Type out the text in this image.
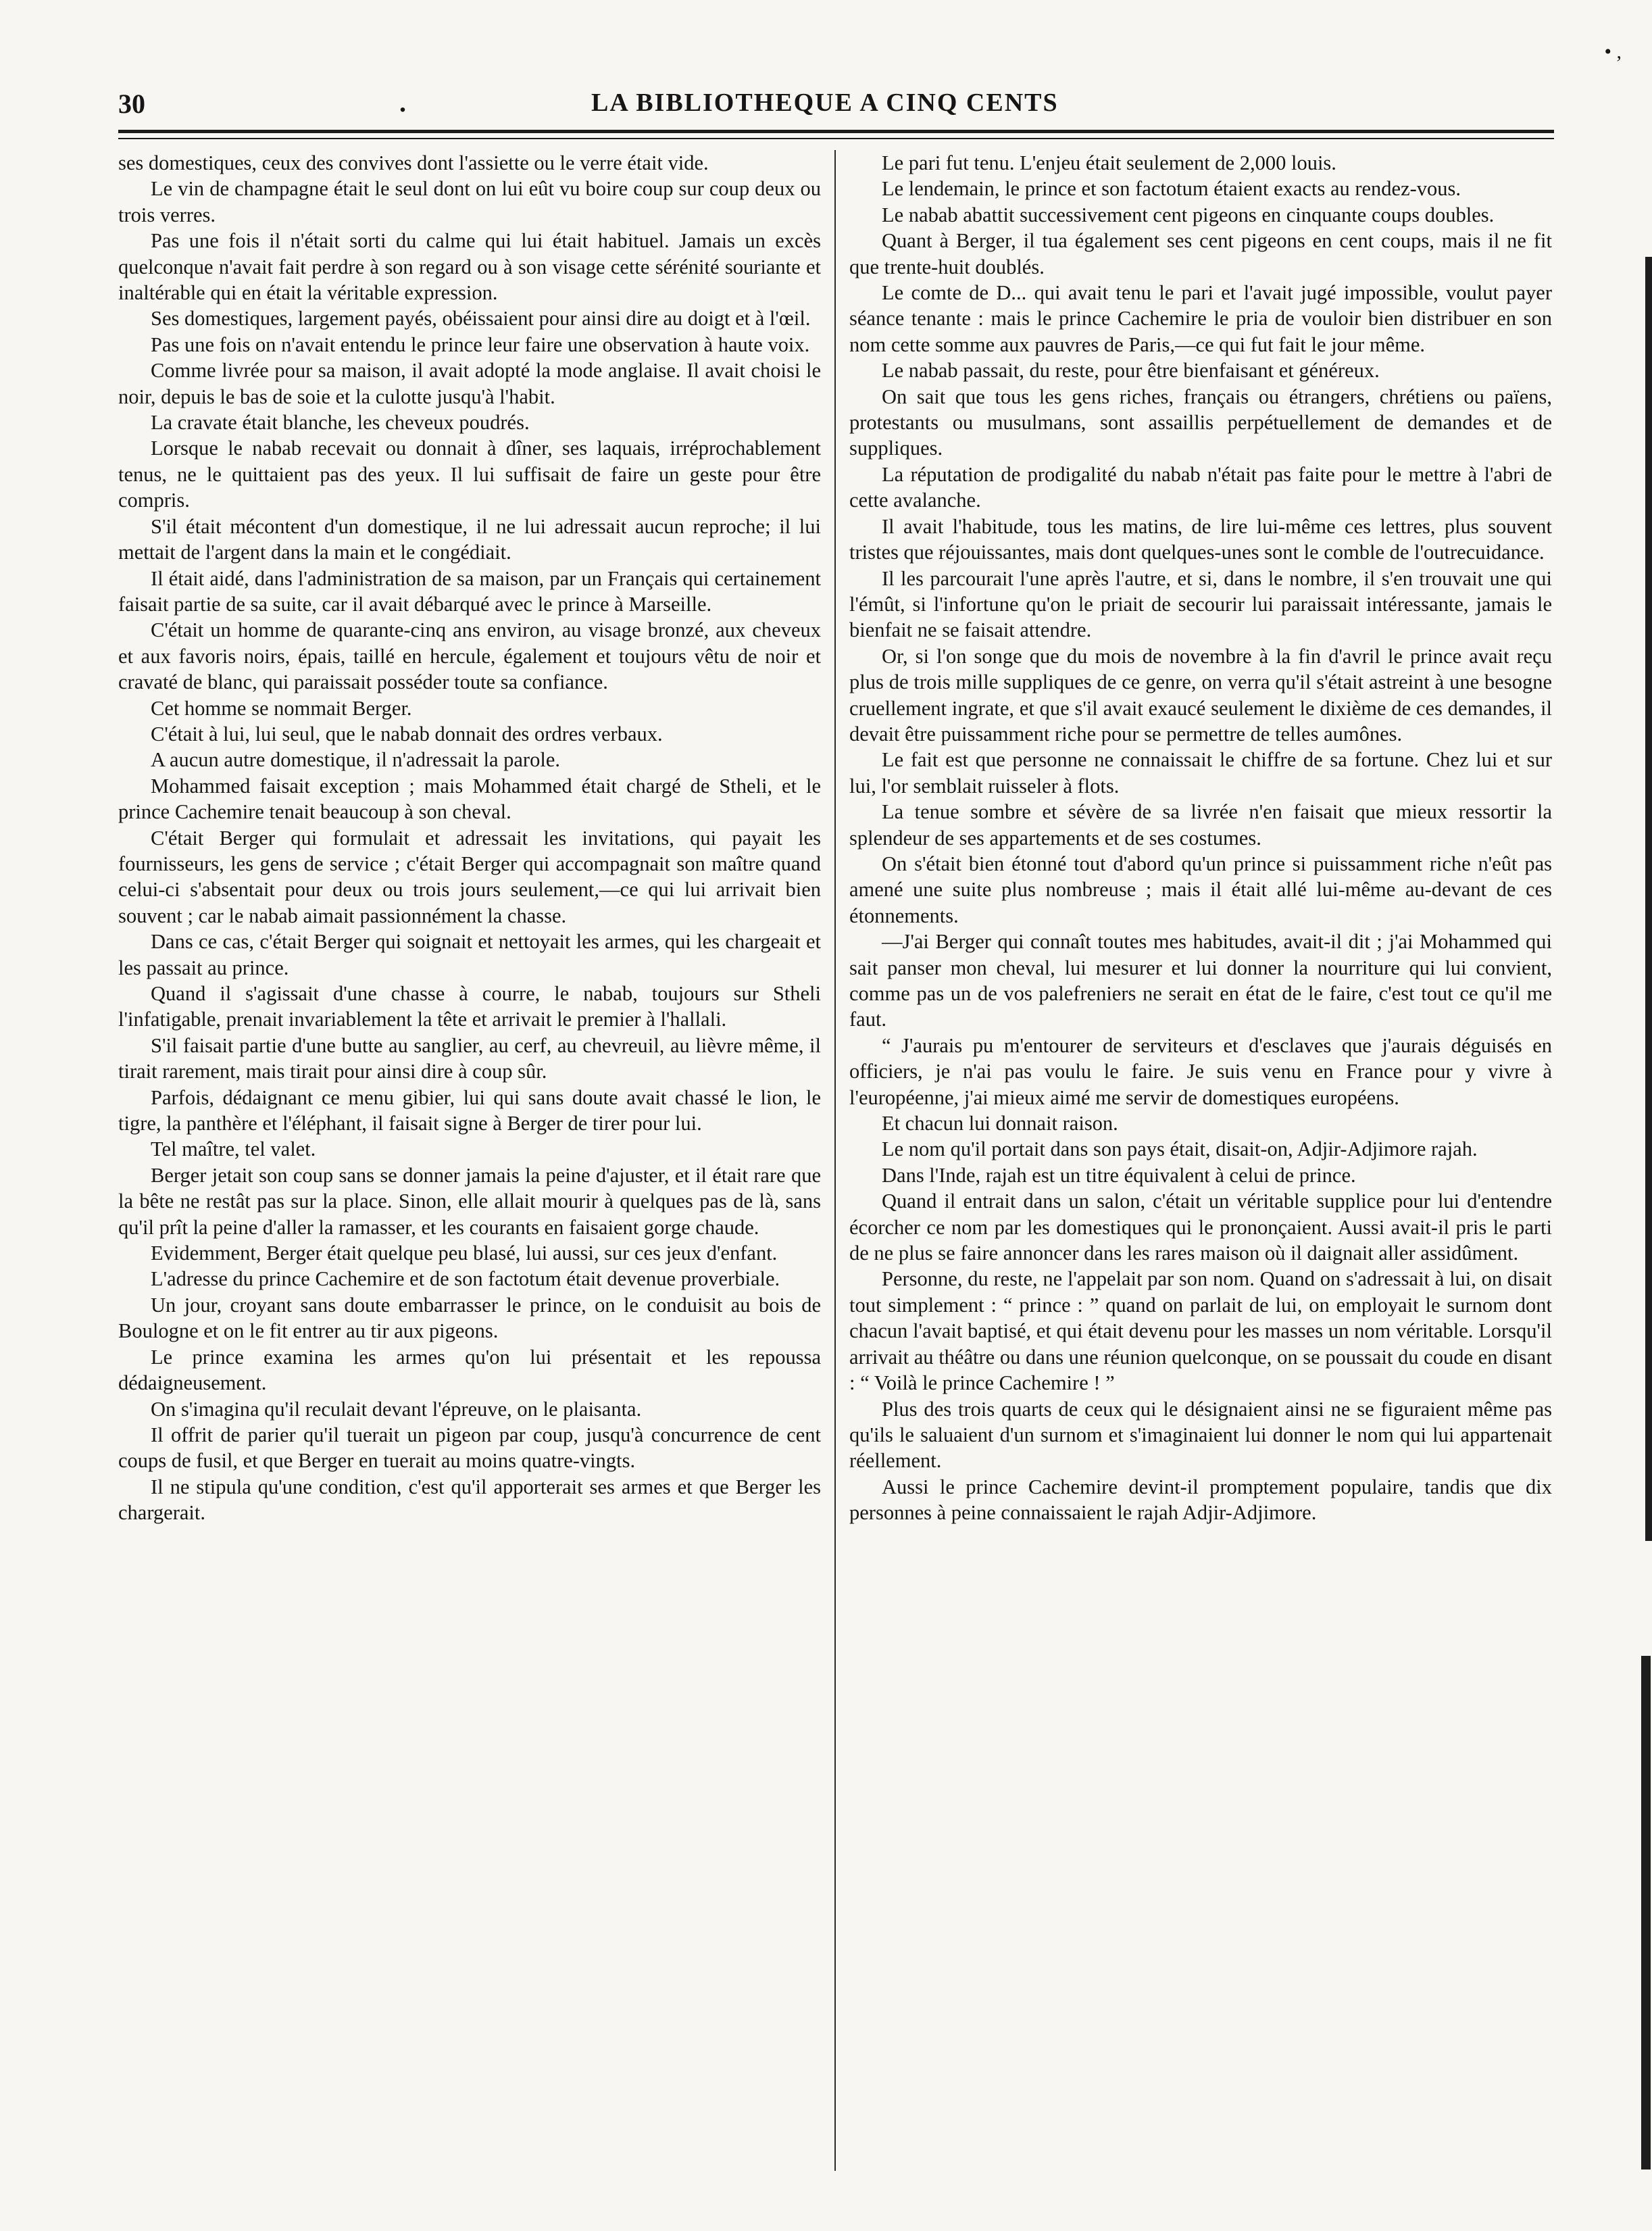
• ,
30	.	LA BIBLIOTHEQUE A CINQ CENTS

ses domestiques, ceux des convives dont l'assiette ou le verre était vide.

Le vin de champagne était le seul dont on lui eût vu boire coup sur coup deux ou trois verres.

Pas une fois il n'était sorti du calme qui lui était habituel. Jamais un excès quelconque n'avait fait perdre à son regard ou à son visage cette sérénité souriante et inaltérable qui en était la véritable expression.

Ses domestiques, largement payés, obéissaient pour ainsi dire au doigt et à l'œil.

Pas une fois on n'avait entendu le prince leur faire une observation à haute voix.

Comme livrée pour sa maison, il avait adopté la mode anglaise. Il avait choisi le noir, depuis le bas de soie et la culotte jusqu'à l'habit.

La cravate était blanche, les cheveux poudrés.

Lorsque le nabab recevait ou donnait à dîner, ses laquais, irréprochablement tenus, ne le quittaient pas des yeux. Il lui suffisait de faire un geste pour être compris.

S'il était mécontent d'un domestique, il ne lui adressait aucun reproche; il lui mettait de l'argent dans la main et le congédiait.

Il était aidé, dans l'administration de sa maison, par un Français qui certainement faisait partie de sa suite, car il avait débarqué avec le prince à Marseille.

C'était un homme de quarante-cinq ans environ, au visage bronzé, aux cheveux et aux favoris noirs, épais, taillé en hercule, également et toujours vêtu de noir et cravaté de blanc, qui paraissait posséder toute sa confiance.

Cet homme se nommait Berger.

C'était à lui, lui seul, que le nabab donnait des ordres verbaux.

A aucun autre domestique, il n'adressait la parole.

Mohammed faisait exception ; mais Mohammed était chargé de Stheli, et le prince Cachemire tenait beaucoup à son cheval.

C'était Berger qui formulait et adressait les invitations, qui payait les fournisseurs, les gens de service ; c'était Berger qui accompagnait son maître quand celui-ci s'absentait pour deux ou trois jours seulement,—ce qui lui arrivait bien souvent ; car le nabab aimait passionnément la chasse.

Dans ce cas, c'était Berger qui soignait et nettoyait les armes, qui les chargeait et les passait au prince.

Quand il s'agissait d'une chasse à courre, le nabab, toujours sur Stheli l'infatigable, prenait invariablement la tête et arrivait le premier à l'hallali.

S'il faisait partie d'une butte au sanglier, au cerf, au chevreuil, au lièvre même, il tirait rarement, mais tirait pour ainsi dire à coup sûr.

Parfois, dédaignant ce menu gibier, lui qui sans doute avait chassé le lion, le tigre, la panthère et l'éléphant, il faisait signe à Berger de tirer pour lui.

Tel maître, tel valet.

Berger jetait son coup sans se donner jamais la peine d'ajuster, et il était rare que la bête ne restât pas sur la place. Sinon, elle allait mourir à quelques pas de là, sans qu'il prît la peine d'aller la ramasser, et les courants en faisaient gorge chaude.

Evidemment, Berger était quelque peu blasé, lui aussi, sur ces jeux d'enfant.

L'adresse du prince Cachemire et de son factotum était devenue proverbiale.

Un jour, croyant sans doute embarrasser le prince, on le conduisit au bois de Boulogne et on le fit entrer au tir aux pigeons.

Le prince examina les armes qu'on lui présentait et les repoussa dédaigneusement.

On s'imagina qu'il reculait devant l'épreuve, on le plaisanta.

Il offrit de parier qu'il tuerait un pigeon par coup, jusqu'à concurrence de cent coups de fusil, et que Berger en tuerait au moins quatre-vingts.

Il ne stipula qu'une condition, c'est qu'il apporterait ses armes et que Berger les chargerait.

Le pari fut tenu. L'enjeu était seulement de 2,000 louis.

Le lendemain, le prince et son factotum étaient exacts au rendez-vous.

Le nabab abattit successivement cent pigeons en cinquante coups doubles.

Quant à Berger, il tua également ses cent pigeons en cent coups, mais il ne fit que trente-huit doublés.

Le comte de D... qui avait tenu le pari et l'avait jugé impossible, voulut payer séance tenante : mais le prince Cachemire le pria de vouloir bien distribuer en son nom cette somme aux pauvres de Paris,—ce qui fut fait le jour même.

Le nabab passait, du reste, pour être bienfaisant et généreux.

On sait que tous les gens riches, français ou étrangers, chrétiens ou païens, protestants ou musulmans, sont assaillis perpétuellement de demandes et de suppliques.

La réputation de prodigalité du nabab n'était pas faite pour le mettre à l'abri de cette avalanche.

Il avait l'habitude, tous les matins, de lire lui-même ces lettres, plus souvent tristes que réjouissantes, mais dont quelques-unes sont le comble de l'outrecuidance.

Il les parcourait l'une après l'autre, et si, dans le nombre, il s'en trouvait une qui l'émût, si l'infortune qu'on le priait de secourir lui paraissait intéressante, jamais le bienfait ne se faisait attendre.

Or, si l'on songe que du mois de novembre à la fin d'avril le prince avait reçu plus de trois mille suppliques de ce genre, on verra qu'il s'était astreint à une besogne cruellement ingrate, et que s'il avait exaucé seulement le dixième de ces demandes, il devait être puissamment riche pour se permettre de telles aumônes.

Le fait est que personne ne connaissait le chiffre de sa fortune. Chez lui et sur lui, l'or semblait ruisseler à flots.

La tenue sombre et sévère de sa livrée n'en faisait que mieux ressortir la splendeur de ses appartements et de ses costumes.

On s'était bien étonné tout d'abord qu'un prince si puissamment riche n'eût pas amené une suite plus nombreuse ; mais il était allé lui-même au-devant de ces étonnements.

—J'ai Berger qui connaît toutes mes habitudes, avait-il dit ; j'ai Mohammed qui sait panser mon cheval, lui mesurer et lui donner la nourriture qui lui convient, comme pas un de vos palefreniers ne serait en état de le faire, c'est tout ce qu'il me faut.

“ J'aurais pu m'entourer de serviteurs et d'esclaves que j'aurais déguisés en officiers, je n'ai pas voulu le faire. Je suis venu en France pour y vivre à l'européenne, j'ai mieux aimé me servir de domestiques européens.

Et chacun lui donnait raison.

Le nom qu'il portait dans son pays était, disait-on, Adjir-Adjimore rajah.

Dans l'Inde, rajah est un titre équivalent à celui de prince.

Quand il entrait dans un salon, c'était un véritable supplice pour lui d'entendre écorcher ce nom par les domestiques qui le prononçaient. Aussi avait-il pris le parti de ne plus se faire annoncer dans les rares maison où il daignait aller assidûment.

Personne, du reste, ne l'appelait par son nom. Quand on s'adressait à lui, on disait tout simplement : “ prince : ” quand on parlait de lui, on employait le surnom dont chacun l'avait baptisé, et qui était devenu pour les masses un nom véritable. Lorsqu'il arrivait au théâtre ou dans une réunion quelconque, on se poussait du coude en disant : “ Voilà le prince Cachemire ! ”

Plus des trois quarts de ceux qui le désignaient ainsi ne se figuraient même pas qu'ils le saluaient d'un surnom et s'imaginaient lui donner le nom qui lui appartenait réellement.

Aussi le prince Cachemire devint-il promptement populaire, tandis que dix personnes à peine connaissaient le rajah Adjir-Adjimore.
